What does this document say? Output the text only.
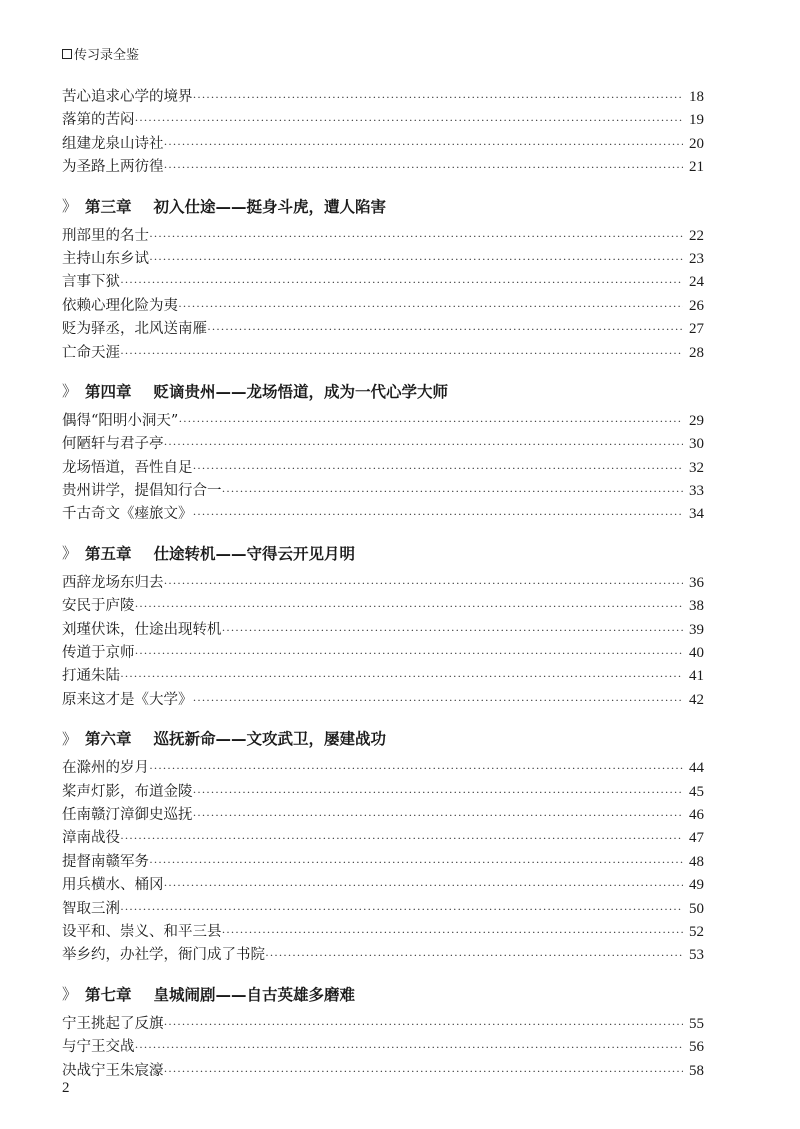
传习录全鉴
苦心追求心学的境界 ·····	18
落第的苦闷 ·····	19
组建龙泉山诗社 ·····	20
为圣路上两彷徨 ·····	21
》 第三章 初入仕途——挺身斗虎，遭人陷害
刑部里的名士 ·····	22
主持山东乡试 ·····	23
言事下狱 ·····	24
依赖心理化险为夷 ·····	26
贬为驿丞，北风送南雁 ·····	27
亡命天涯 ·····	28
》 第四章 贬谪贵州——龙场悟道，成为一代心学大师
偶得“阳明小洞天” ·····	29
何陋轩与君子亭 ·····	30
龙场悟道，吾性自足 ·····	32
贵州讲学，提倡知行合一 ·····	33
千古奇文《瘗旅文》 ·····	34
》 第五章 仕途转机——守得云开见月明
西辞龙场东归去 ·····	36
安民于庐陵 ·····	38
刘瑾伏诛，仕途出现转机 ·····	39
传道于京师 ·····	40
打通朱陆 ·····	41
原来这才是《大学》 ·····	42
》 第六章 巡抚新命——文攻武卫，屡建战功
在滁州的岁月 ·····	44
桨声灯影，布道金陵 ·····	45
任南赣汀漳御史巡抚 ·····	46
漳南战役 ·····	47
提督南赣军务 ·····	48
用兵横水、桶冈 ·····	49
智取三浰 ·····	50
设平和、崇义、和平三县 ·····	52
举乡约，办社学，衙门成了书院 ·····	53
》 第七章 皇城闹剧——自古英雄多磨难
宁王挑起了反旗 ·····	55
与宁王交战 ·····	56
决战宁王朱宸濠 ·····	58
2
